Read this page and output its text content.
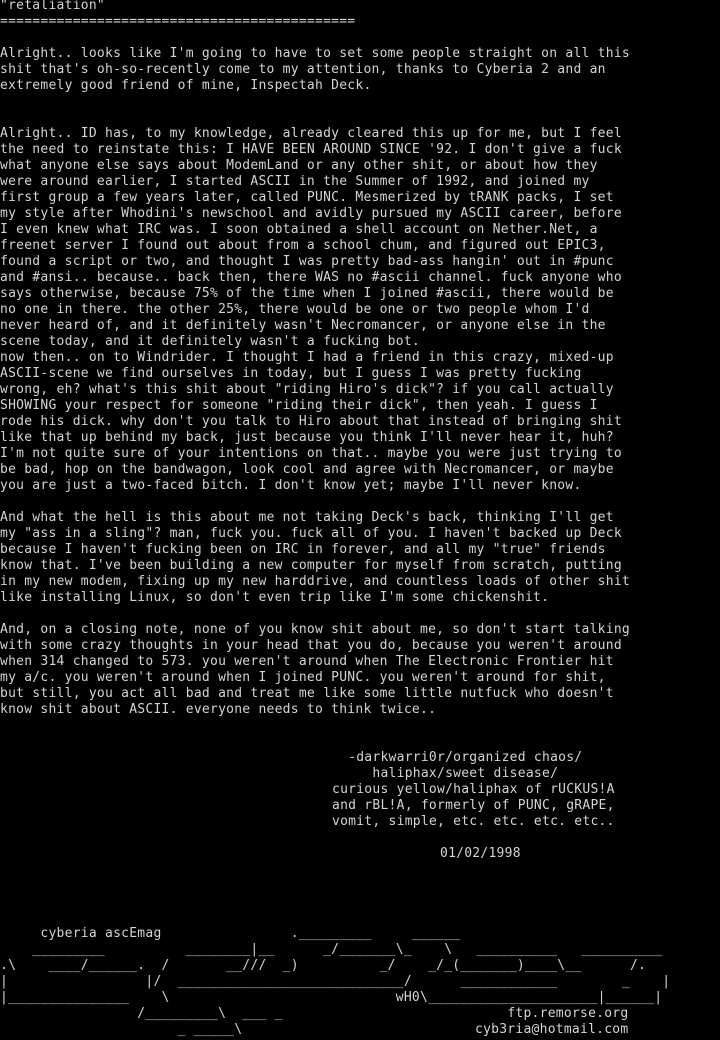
"retaliation"
============================================
Alright.. looks like I'm going to have to set some people straight on all this
shit that's oh-so-recently come to my attention, thanks to Cyberia 2 and an
extremely good friend of mine, Inspectah Deck.
Alright.. ID has, to my knowledge, already cleared this up for me, but I feel
the need to reinstate this: I HAVE BEEN AROUND SINCE '92. I don't give a fuck
what anyone else says about ModemLand or any other shit, or about how they
were around earlier, I started ASCII in the Summer of 1992, and joined my
first group a few years later, called PUNC. Mesmerized by tRANK packs, I set
my style after Whodini's newschool and avidly pursued my ASCII career, before
I even knew what IRC was. I soon obtained a shell account on Nether.Net, a
freenet server I found out about from a school chum, and figured out EPIC3,
found a script or two, and thought I was pretty bad-ass hangin' out in #punc
and #ansi.. because.. back then, there WAS no #ascii channel. fuck anyone who
says otherwise, because 75% of the time when I joined #ascii, there would be
no one in there. the other 25%, there would be one or two people whom I'd
never heard of, and it definitely wasn't Necromancer, or anyone else in the
scene today, and it definitely wasn't a fucking bot.
now then.. on to Windrider. I thought I had a friend in this crazy, mixed-up
ASCII-scene we find ourselves in today, but I guess I was pretty fucking
wrong, eh? what's this shit about "riding Hiro's dick"? if you call actually
SHOWING your respect for someone "riding their dick", then yeah. I guess I
rode his dick. why don't you talk to Hiro about that instead of bringing shit
like that up behind my back, just because you think I'll never hear it, huh?
I'm not quite sure of your intentions on that.. maybe you were just trying to
be bad, hop on the bandwagon, look cool and agree with Necromancer, or maybe
you are just a two-faced bitch. I don't know yet; maybe I'll never know.
And what the hell is this about me not taking Deck's back, thinking I'll get
my "ass in a sling"? man, fuck you. fuck all of you. I haven't backed up Deck
because I haven't fucking been on IRC in forever, and all my "true" friends
know that. I've been building a new computer for myself from scratch, putting
in my new modem, fixing up my new harddrive, and countless loads of other shit
like installing Linux, so don't even trip like I'm some chickenshit.
And, on a closing note, none of you know shit about me, so don't start talking
with some crazy thoughts in your head that you do, because you weren't around
when 314 changed to 573. you weren't around when The Electronic Frontier hit
my a/c. you weren't around when I joined PUNC. you weren't around for shit,
but still, you act all bad and treat me like some little nutfuck who doesn't
know shit about ASCII. everyone needs to think twice..
-darkwarri0r/organized chaos/
haliphax/sweet disease/
curious yellow/haliphax of rUCKUS!A
and rBL!A, formerly of PUNC, gRAPE,
vomit, simple, etc. etc. etc. etc..
01/02/1998
cyberia ascEmag                ._________     ______
_________          ________|__      _/_______\_    \   __________   __________
.\    ____/______.  /       __///  _)          _/    _/_(_______)____\__      /.
|                 |/  ____________________________/      ____________        _    |
|_______________    \                            wH0\_____________________|______|
/_________\  ___ _
_ _____\
ftp.remorse.org
cyb3ria@hotmail.com
